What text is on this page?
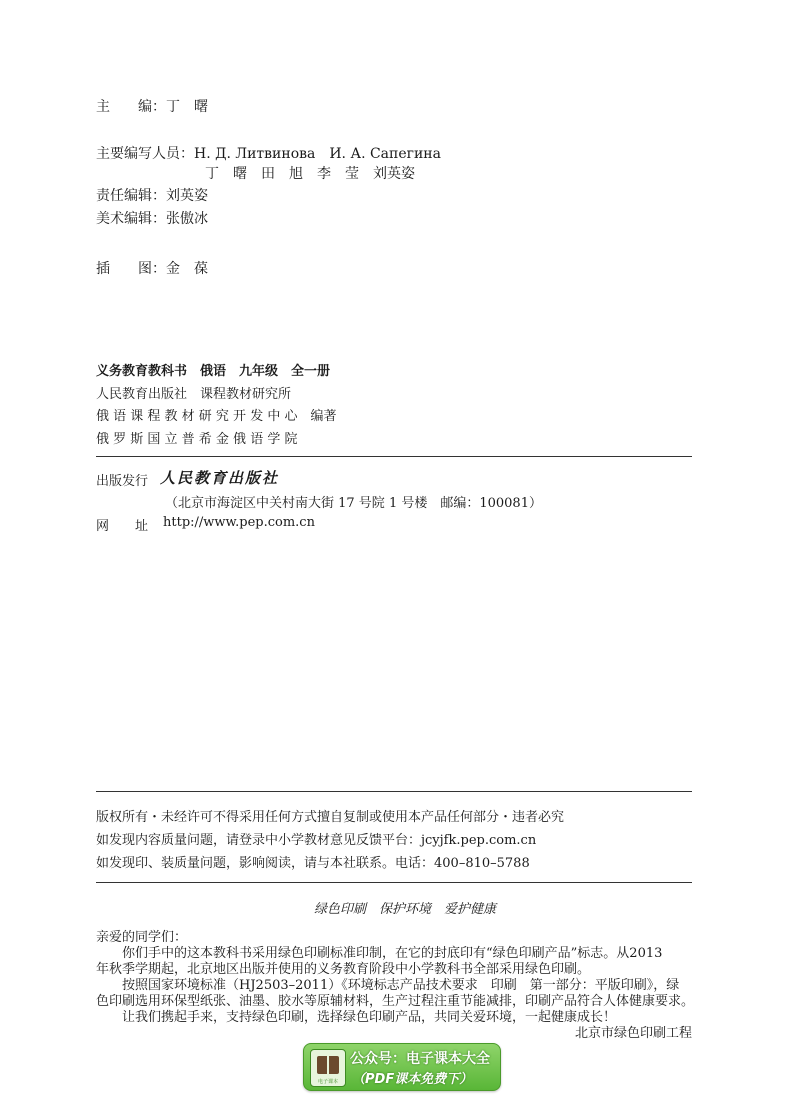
主　　编：丁　曙
主要编写人员：Н. Д. Литвинова　И. А. Сапегина
丁　曙　田　旭　李　莹　刘英姿
责任编辑：刘英姿
美术编辑：张傲冰
插　　图：金　葆
义务教育教科书　俄语　九年级　全一册
人民教育出版社　课程教材研究所
俄 语 课 程 教 材 研 究 开 发 中 心　编著
俄 罗 斯 国 立 普 希 金 俄 语 学 院
出版发行 人民教育出版社
（北京市海淀区中关村南大街 17 号院 1 号楼　邮编：100081）
网　　址 http://www.pep.com.cn
版权所有・未经许可不得采用任何方式擅自复制或使用本产品任何部分・违者必究
如发现内容质量问题，请登录中小学教材意见反馈平台：jcyjfk.pep.com.cn
如发现印、装质量问题，影响阅读，请与本社联系。电话：400–810–5788
绿色印刷　保护环境　爱护健康
亲爱的同学们：
你们手中的这本教科书采用绿色印刷标准印制，在它的封底印有“绿色印刷产品”标志。从2013
年秋季学期起，北京地区出版并使用的义务教育阶段中小学教科书全部采用绿色印刷。
按照国家环境标准（HJ2503–2011）《环境标志产品技术要求　印刷　第一部分：平版印刷》，绿
色印刷选用环保型纸张、油墨、胶水等原辅材料，生产过程注重节能减排，印刷产品符合人体健康要求。
让我们携起手来，支持绿色印刷，选择绿色印刷产品，共同关爱环境，一起健康成长！
北京市绿色印刷工程
电子课本
公众号：电子课本大全
（PDF课本免费下）
